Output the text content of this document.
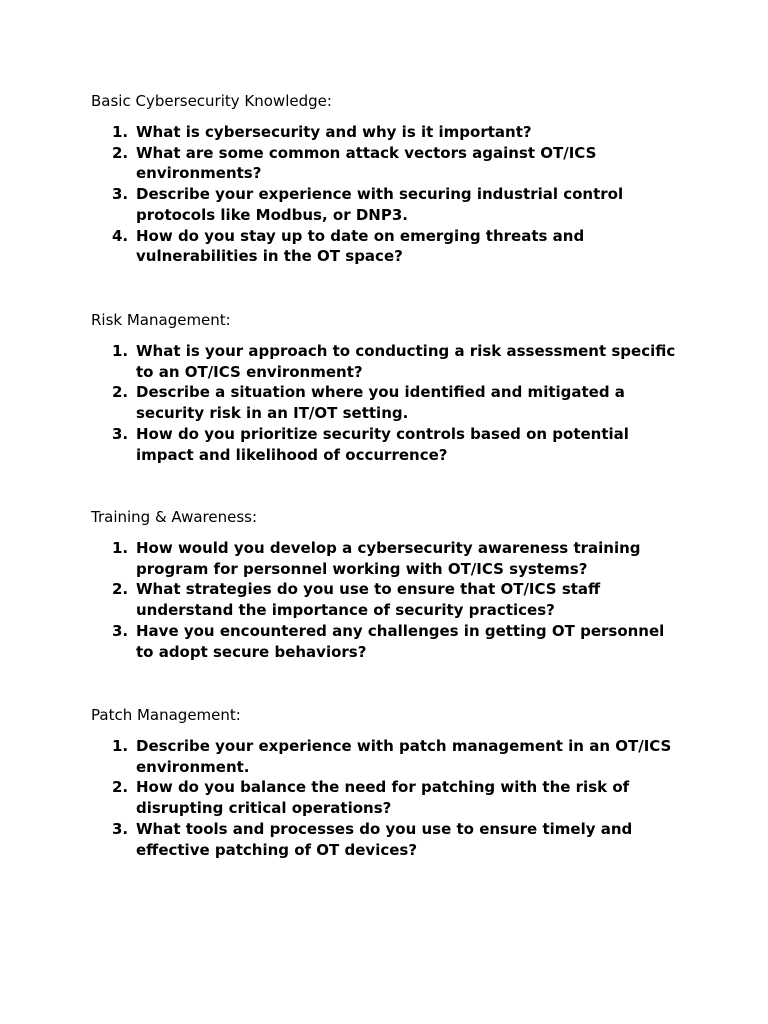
Basic Cybersecurity Knowledge:
1. What is cybersecurity and why is it important?
2. What are some common attack vectors against OT/ICS
environments?
3. Describe your experience with securing industrial control
protocols like Modbus, or DNP3.
4. How do you stay up to date on emerging threats and
vulnerabilities in the OT space?
Risk Management:
1. What is your approach to conducting a risk assessment specific
to an OT/ICS environment?
2. Describe a situation where you identified and mitigated a
security risk in an IT/OT setting.
3. How do you prioritize security controls based on potential
impact and likelihood of occurrence?
Training & Awareness:
1. How would you develop a cybersecurity awareness training
program for personnel working with OT/ICS systems?
2. What strategies do you use to ensure that OT/ICS staff
understand the importance of security practices?
3. Have you encountered any challenges in getting OT personnel
to adopt secure behaviors?
Patch Management:
1. Describe your experience with patch management in an OT/ICS
environment.
2. How do you balance the need for patching with the risk of
disrupting critical operations?
3. What tools and processes do you use to ensure timely and
effective patching of OT devices?
